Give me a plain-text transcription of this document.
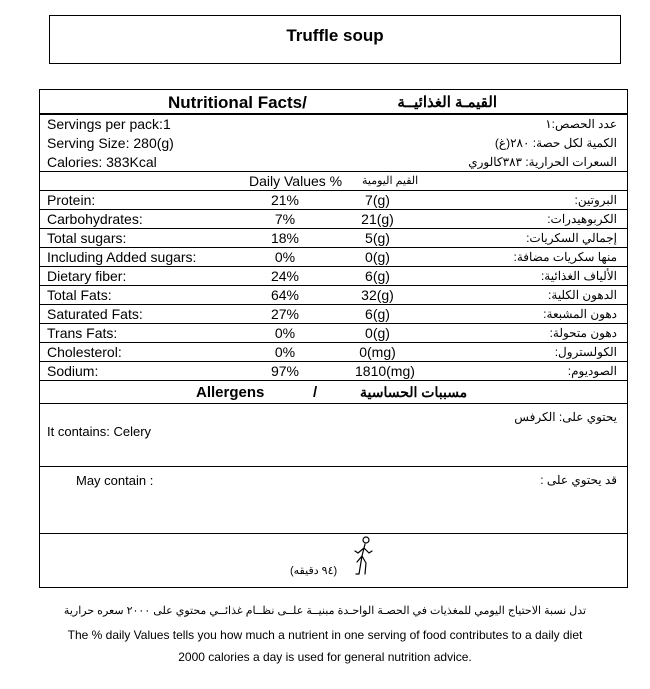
Truffle soup
Nutritional Facts/	القيمـة الغذائيــة
Servings per pack:1	عدد الحصص:١
Serving Size: 280(g)	الكمية لكل حصة: ٢٨٠(غ)
Calories: 383Kcal	السعرات الحرارية: ٣٨٣كالوري
Daily Values % القيم اليومية
Protein:	21%	7(g)	البروتين:
Carbohydrates:	7%	21(g)	الكربوهيدرات:
Total sugars:	18%	5(g)	إجمالي السكريات:
Including Added sugars:	0%	0(g)	منها سكريات مضافة:
Dietary fiber:	24%	6(g)	الألياف الغذائية:
Total Fats:	64%	32(g)	الدهون الكلية:
Saturated Fats:	27%	6(g)	دهون المشبعة:
Trans Fats:	0%	0(g)	دهون متحولة:
Cholesterol:	0%	0(mg)	الكولسترول:
Sodium:	97%	1810(mg)	الصوديوم:
Allergens	/	مسببات الحساسية
يحتوي على: الكرفس
It contains: Celery
May contain :	قد يحتوي على :
(٩٤ دقيقه)
تدل نسبة الاحتياج اليومي للمغذيات في الحصـة الواحـدة مبنيــة علــى نظــام غذائــي محتوي على ٢٠٠٠ سعره حرارية
The % daily Values tells you how much a nutrient in one serving of food contributes to a daily diet
2000 calories a day is used for general nutrition advice.
